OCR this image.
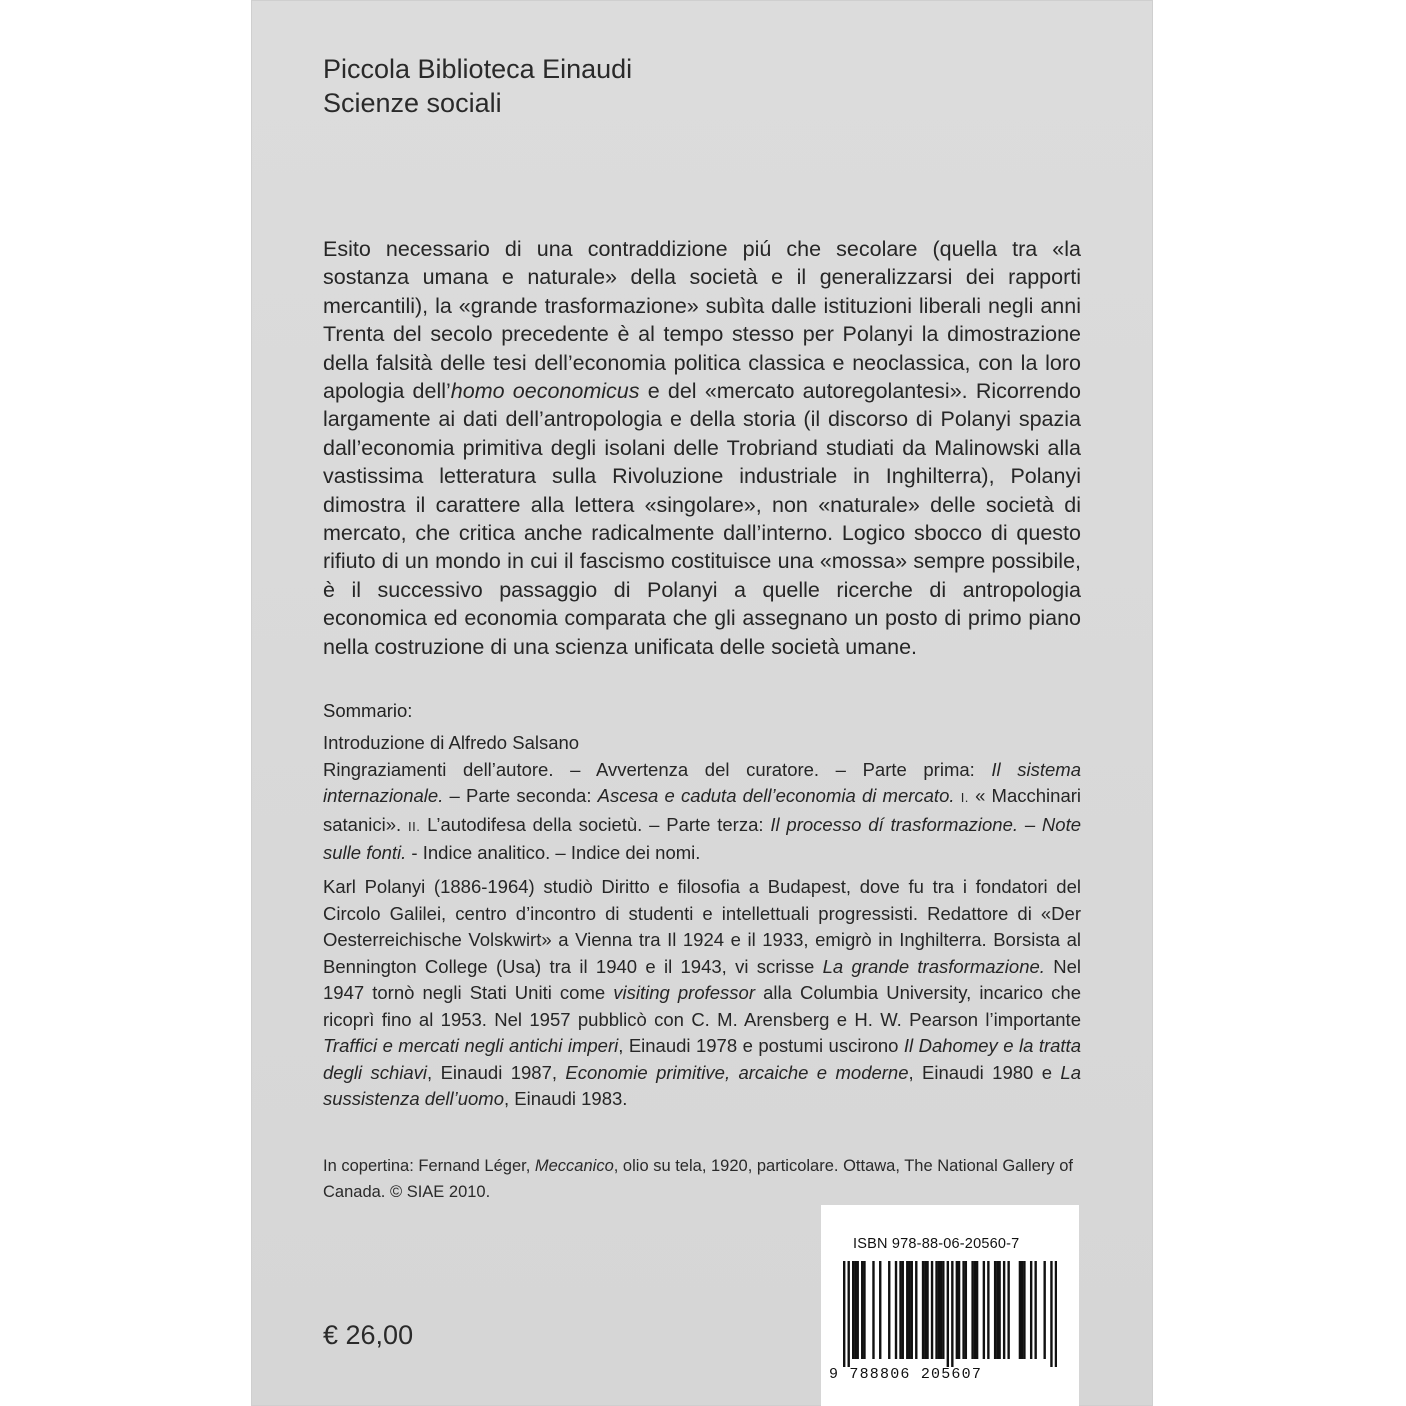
Piccola Biblioteca Einaudi
Scienze sociali

Esito necessario di una contraddizione piú che secolare (quella tra «la sostanza umana e naturale» della società e il generalizzarsi dei rapporti mercantili), la «grande trasformazione» subìta dalle istituzioni liberali negli anni Trenta del secolo precedente è al tempo stesso per Polanyi la dimostrazione della falsità delle tesi dell’economia politica classica e neoclassica, con la loro apologia dell’homo oeconomicus e del «mercato autoregolantesi». Ricorrendo largamente ai dati dell’antropologia e della storia (il discorso di Polanyi spazia dall’economia primitiva degli isolani delle Trobriand studiati da Malinowski alla vastissima letteratura sulla Rivoluzione industriale in Inghilterra), Polanyi dimostra il carattere alla lettera «singolare», non «naturale» delle società di mercato, che critica anche radicalmente dall’interno. Logico sbocco di questo rifiuto di un mondo in cui il fascismo costituisce una «mossa» sempre possibile, è il successivo passaggio di Polanyi a quelle ricerche di antropologia economica ed economia comparata che gli assegnano un posto di primo piano nella costruzione di una scienza unificata delle società umane.

Sommario:

Introduzione di Alfredo Salsano
Ringraziamenti dell’autore. – Avvertenza del curatore. – Parte prima: Il sistema internazionale. – Parte seconda: Ascesa e caduta dell’economia di mercato. I. « Macchinari satanici». II. L’autodifesa della societù. – Parte terza: Il processo dí trasformazione. – Note sulle fonti. - Indice analitico. – Indice dei nomi.

Karl Polanyi (1886-1964) studiò Diritto e filosofia a Budapest, dove fu tra i fondatori del Circolo Galilei, centro d’incontro di studenti e intellettuali progressisti. Redattore di «Der Oesterreichische Volskwirt» a Vienna tra Il 1924 e il 1933, emigrò in Inghilterra. Borsista al Bennington College (Usa) tra il 1940 e il 1943, vi scrisse La grande trasformazione. Nel 1947 tornò negli Stati Uniti come visiting professor alla Columbia University, incarico che ricoprì fino al 1953. Nel 1957 pubblicò con C. M. Arensberg e H. W. Pearson l’importante Traffici e mercati negli antichi imperi, Einaudi 1978 e postumi uscirono Il Dahomey e la tratta degli schiavi, Einaudi 1987, Economie primitive, arcaiche e moderne, Einaudi 1980 e La sussistenza dell’uomo, Einaudi 1983.

In copertina: Fernand Léger, Meccanico, olio su tela, 1920, particolare. Ottawa, The National Gallery of Canada. © SIAE 2010.

€ 26,00
ISBN 978-88-06-20560-7
9 788806 205607
